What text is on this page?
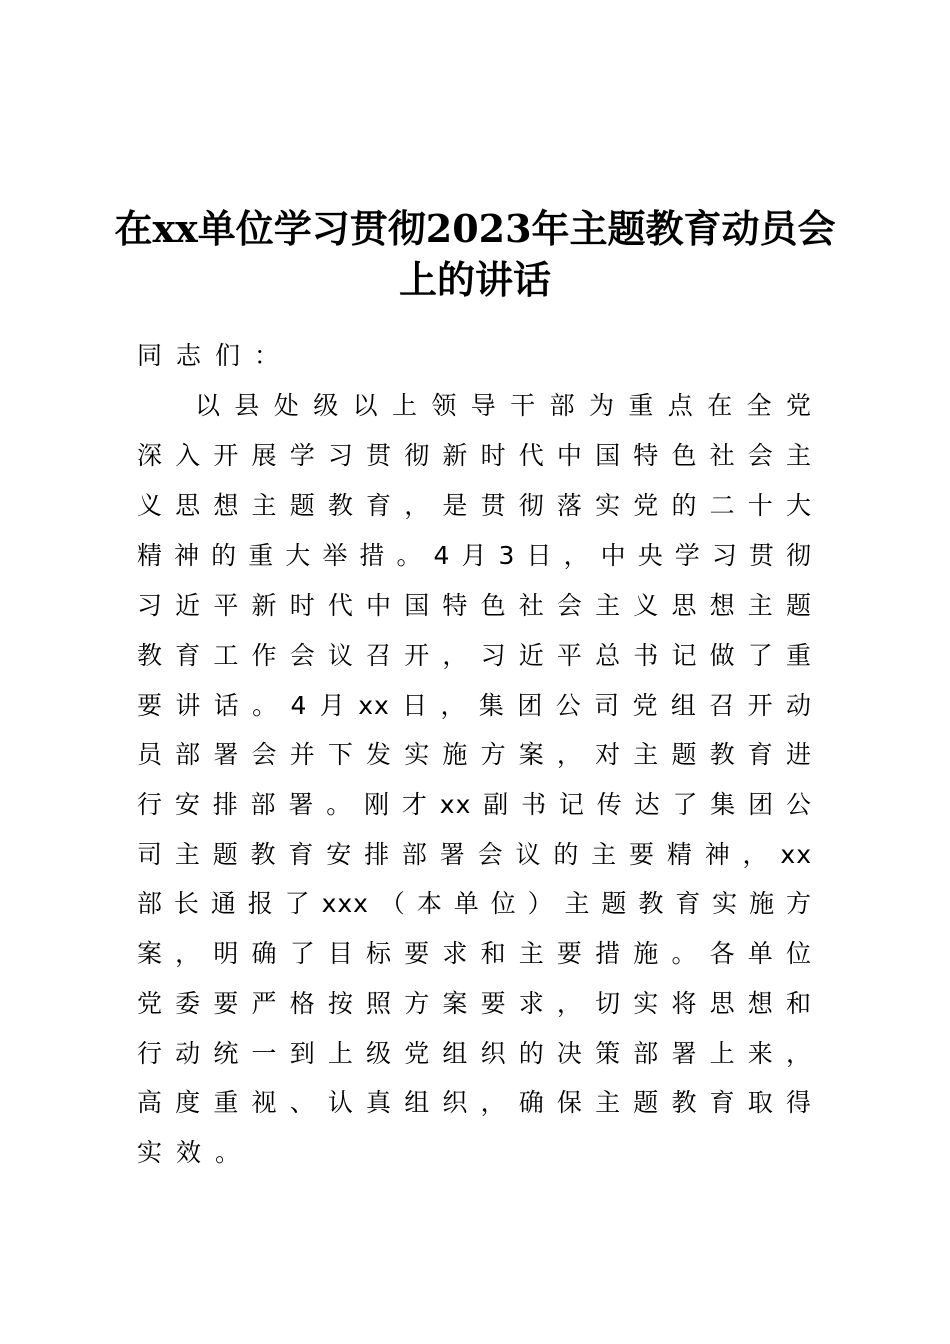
在xx单位学习贯彻2023年主题教育动员会
上的讲话

同志们：

以县处级以上领导干部为重点在全党

深入开展学习贯彻新时代中国特色社会主

义思想主题教育，是贯彻落实党的二十大

精神的重大举措。4月3日，中央学习贯彻

习近平新时代中国特色社会主义思想主题

教育工作会议召开，习近平总书记做了重

要讲话。4月xx日，集团公司党组召开动

员部署会并下发实施方案，对主题教育进

行安排部署。刚才xx副书记传达了集团公

司主题教育安排部署会议的主要精神，xx

部长通报了xxx（本单位）主题教育实施方

案，明确了目标要求和主要措施。各单位

党委要严格按照方案要求，切实将思想和

行动统一到上级党组织的决策部署上来，

高度重视、认真组织，确保主题教育取得

实效。
